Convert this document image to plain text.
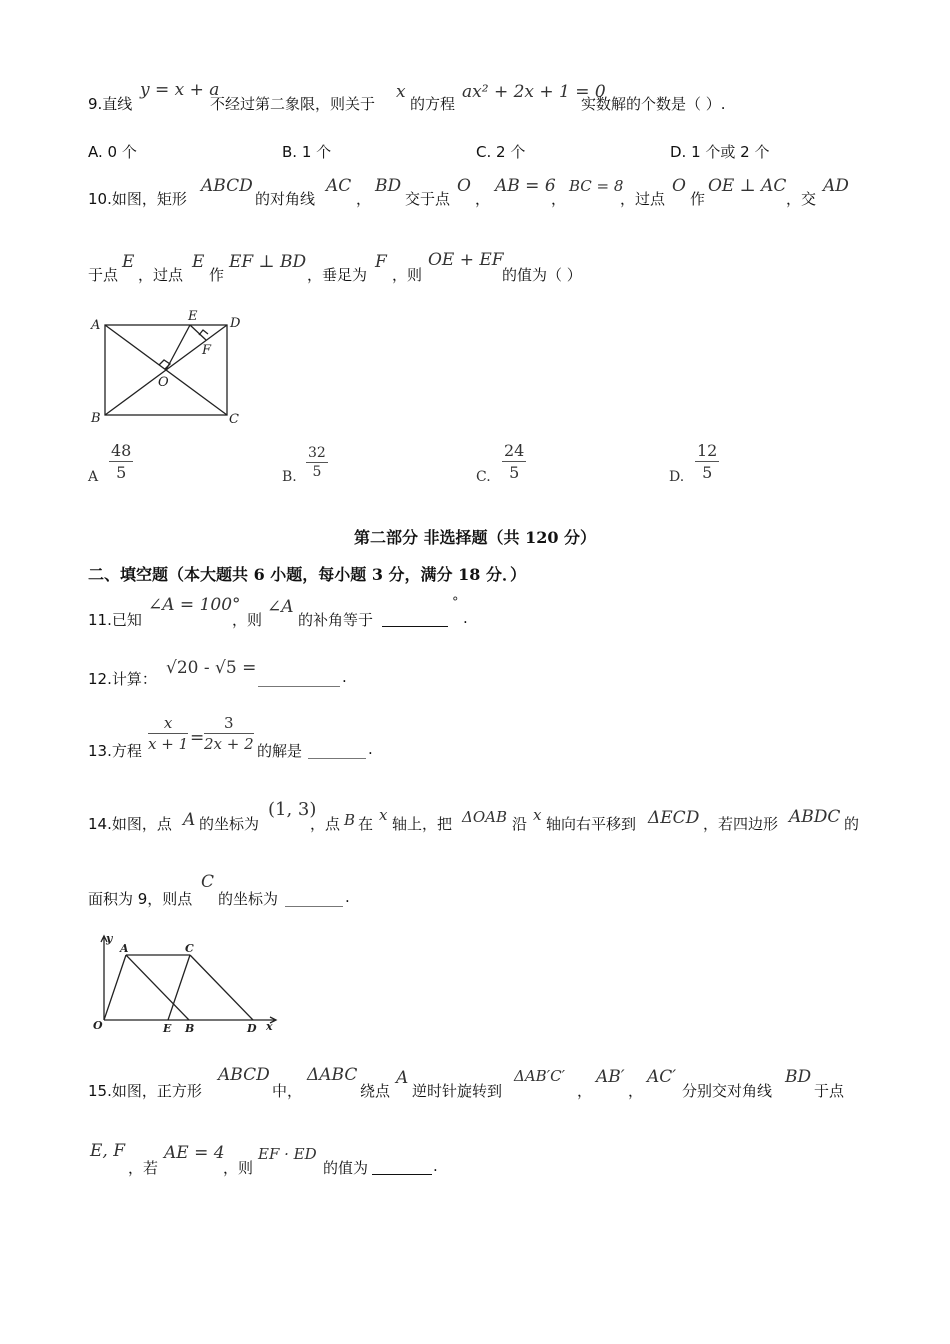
9.直线
y = x + a
不经过第二象限，则关于
x
的方程
ax² + 2x + 1 = 0
实数解的个数是（ ）.
A. 0 个	B. 1 个	C. 2 个	D. 1 个或 2 个
10.如图，矩形
ABCD
的对角线
AC
，
BD
交于点
O
，
AB = 6
，
BC = 8
，过点
O
作
OE ⊥ AC
，交
AD
于点
E
，过点
E
作
EF ⊥ BD
，垂足为
F
，则
OE + EF
的值为（ ）
A
E	D
F
O
B	C
A $\frac{48}{5}$	B. $\frac{32}{5}$	C. $\frac{24}{5}$	D. $\frac{12}{5}$
第二部分 非选择题（共 120 分）
二、填空题（本大题共 6 小题，每小题 3 分，满分 18 分．）
11.已知
∠A = 100°
，则
∠A
的补角等于
°
.
12.计算：
√20 - √5 =	.
13.方程 $\frac{x}{x + 1} = \frac{3}{2x + 2}$ 的解是	.
14.如图，点 A 的坐标为
(1, 3)
，点 B 在 x 轴上，把 ΔOAB 沿 x 轴向右平移到 ΔECD ，若四边形 ABDC 的
面积为 9，则点
C
的坐标为	.
y
A	C
O	E B	D x
15.如图，正方形
ABCD
中，
ΔABC
绕点
A
逆时针旋转到
ΔAB′C′
，
AB′
，
AC′
分别交对角线
BD
于点
E, F
，若
AE = 4
，则
EF · ED
的值为	.
